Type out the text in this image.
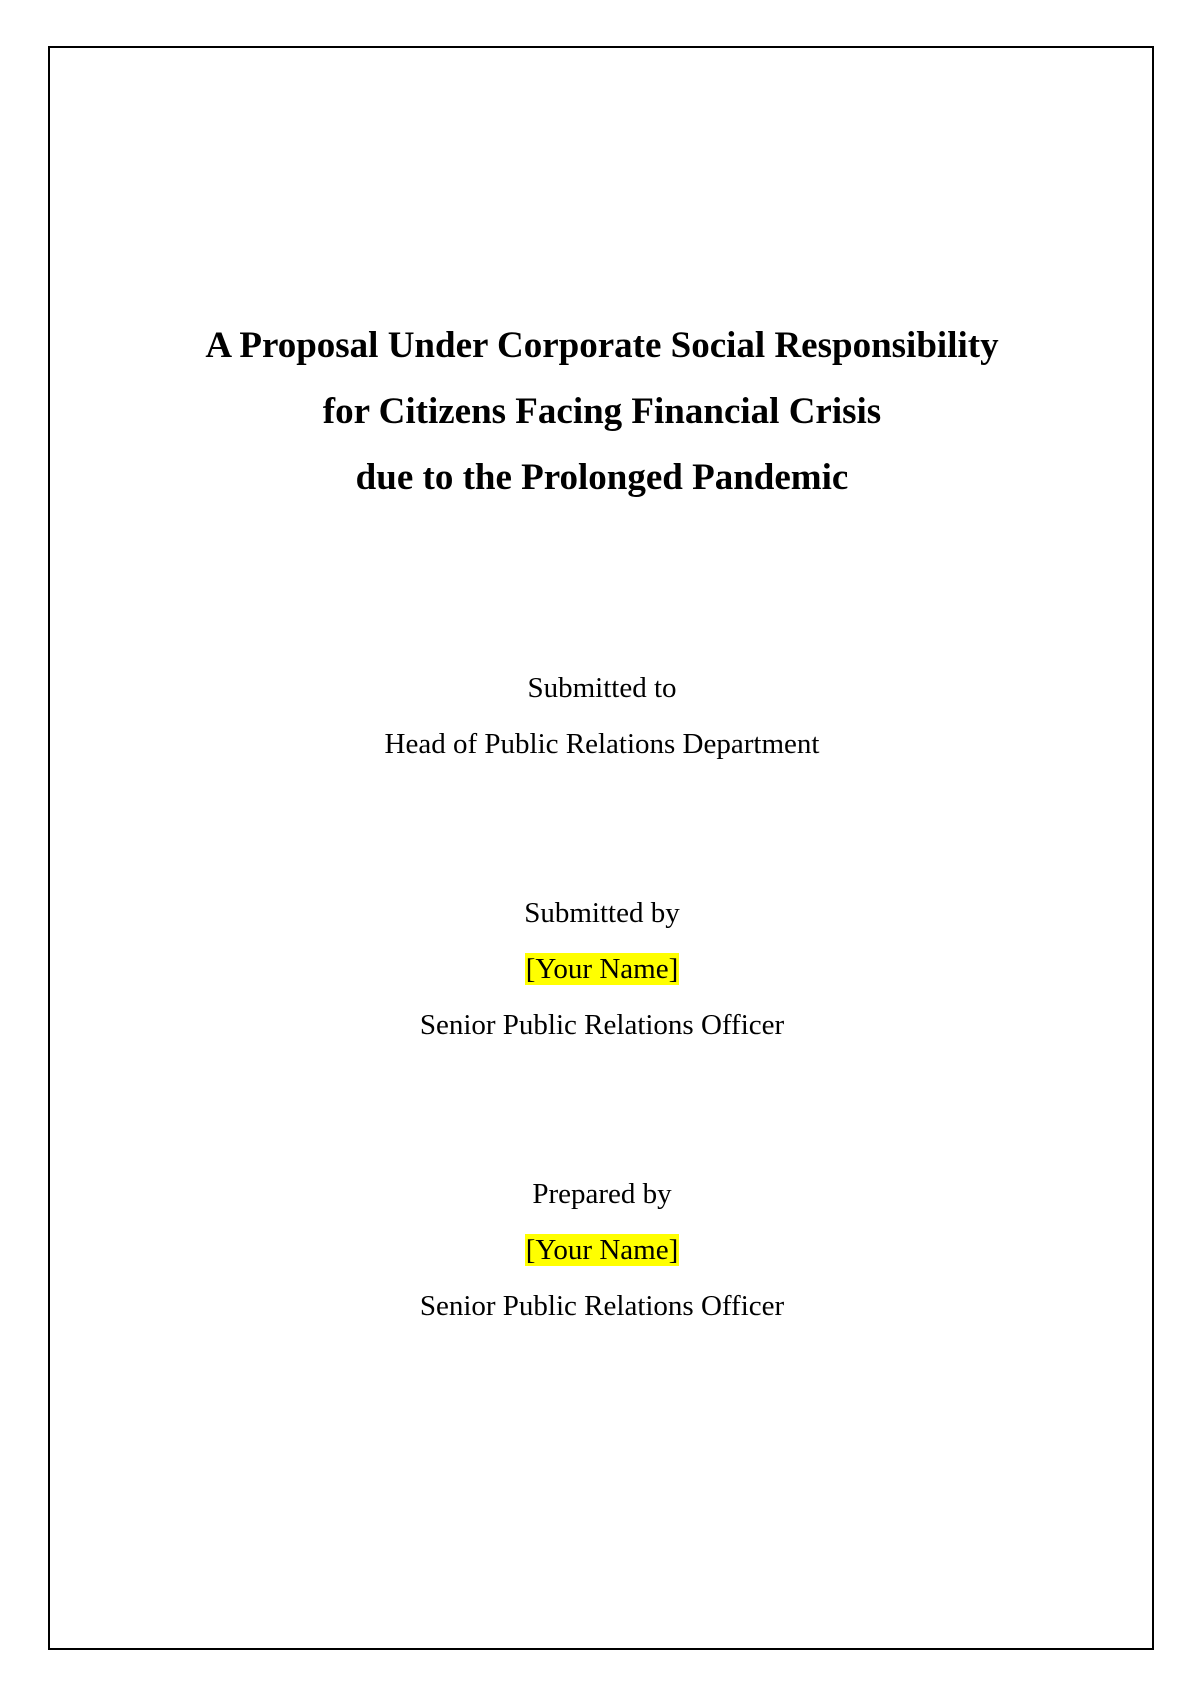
A Proposal Under Corporate Social Responsibility
for Citizens Facing Financial Crisis
due to the Prolonged Pandemic
Submitted to
Head of Public Relations Department
Submitted by
[Your Name]
Senior Public Relations Officer
Prepared by
[Your Name]
Senior Public Relations Officer
